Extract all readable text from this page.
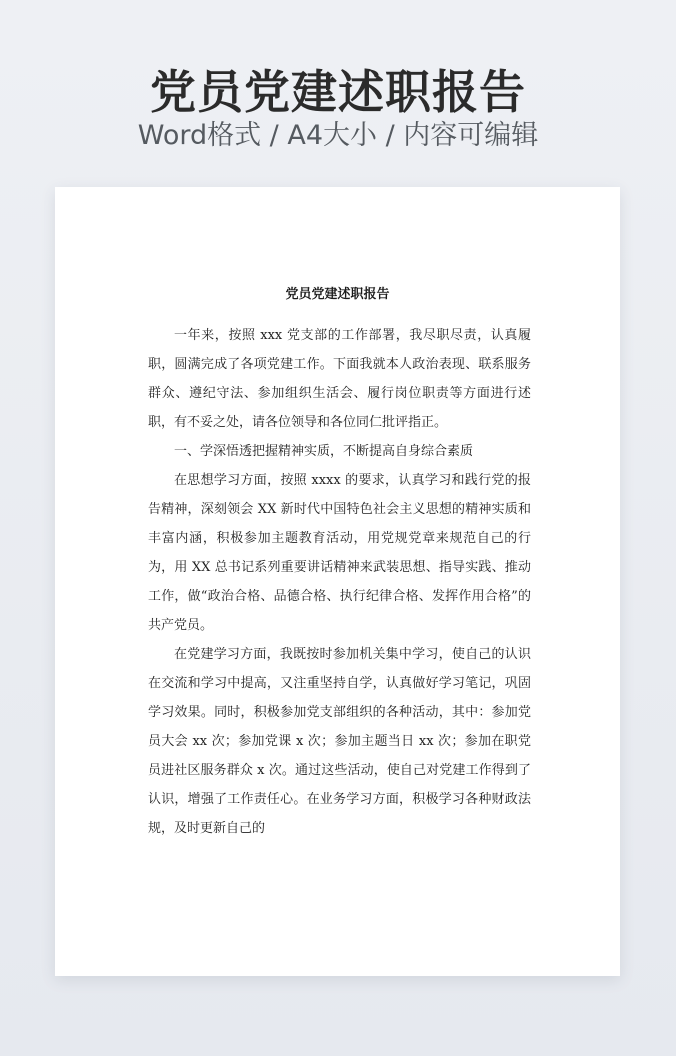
党员党建述职报告
Word格式 / A4大小 / 内容可编辑
党员党建述职报告

一年来，按照 xxx 党支部的工作部署，我尽职尽责，认真履职，圆满完成了各项党建工作。下面我就本人政治表现、联系服务群众、遵纪守法、参加组织生活会、履行岗位职责等方面进行述职，有不妥之处，请各位领导和各位同仁批评指正。

一、学深悟透把握精神实质，不断提高自身综合素质

在思想学习方面，按照 xxxx 的要求，认真学习和践行党的报告精神，深刻领会 XX 新时代中国特色社会主义思想的精神实质和丰富内涵，积极参加主题教育活动，用党规党章来规范自己的行为，用 XX 总书记系列重要讲话精神来武装思想、指导实践、推动工作，做“政治合格、品德合格、执行纪律合格、发挥作用合格”的共产党员。

在党建学习方面，我既按时参加机关集中学习，使自己的认识在交流和学习中提高，又注重坚持自学，认真做好学习笔记，巩固学习效果。同时，积极参加党支部组织的各种活动，其中：参加党员大会 xx 次；参加党课 x 次；参加主题当日 xx 次；参加在职党员进社区服务群众 x 次。通过这些活动，使自己对党建工作得到了认识，增强了工作责任心。在业务学习方面，积极学习各种财政法规，及时更新自己的
